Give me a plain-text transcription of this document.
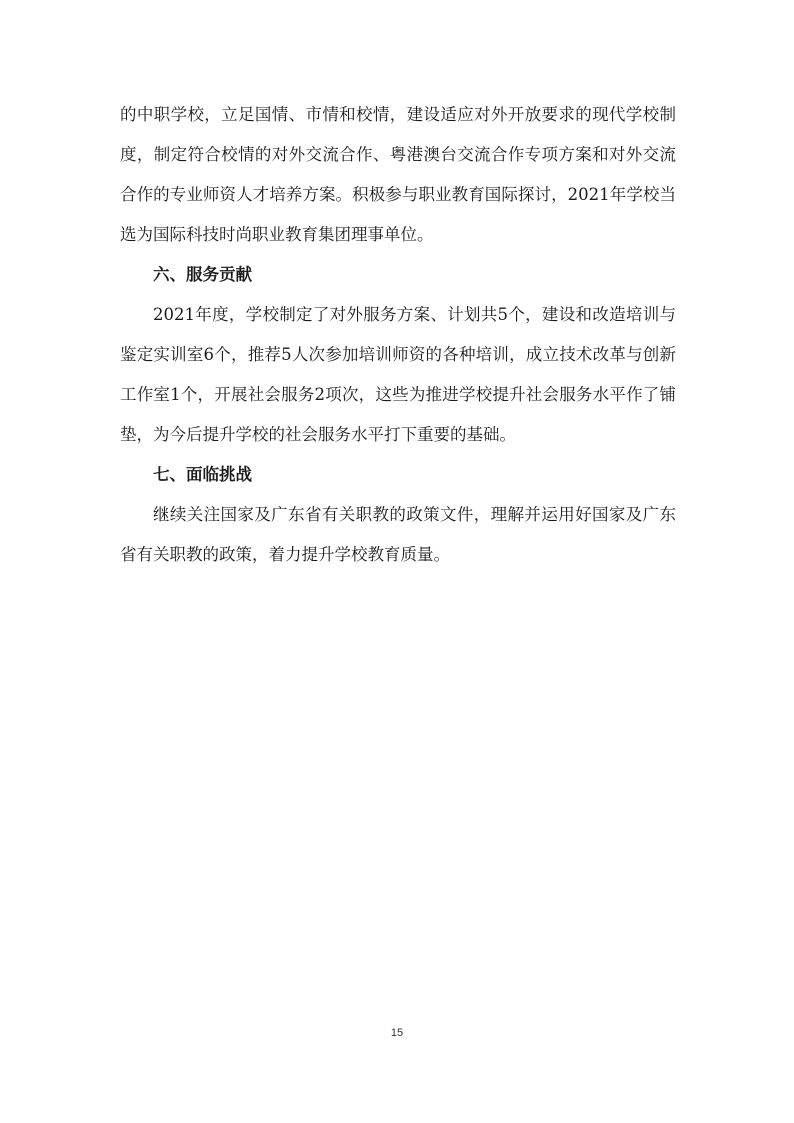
的中职学校，立足国情、市情和校情，建设适应对外开放要求的现代学校制度，制定符合校情的对外交流合作、粤港澳台交流合作专项方案和对外交流合作的专业师资人才培养方案。积极参与职业教育国际探讨，2021年学校当选为国际科技时尚职业教育集团理事单位。

六、服务贡献

2021年度，学校制定了对外服务方案、计划共5个，建设和改造培训与鉴定实训室6个，推荐5人次参加培训师资的各种培训，成立技术改革与创新工作室1个，开展社会服务2项次，这些为推进学校提升社会服务水平作了铺垫，为今后提升学校的社会服务水平打下重要的基础。

七、面临挑战

继续关注国家及广东省有关职教的政策文件，理解并运用好国家及广东省有关职教的政策，着力提升学校教育质量。

15
